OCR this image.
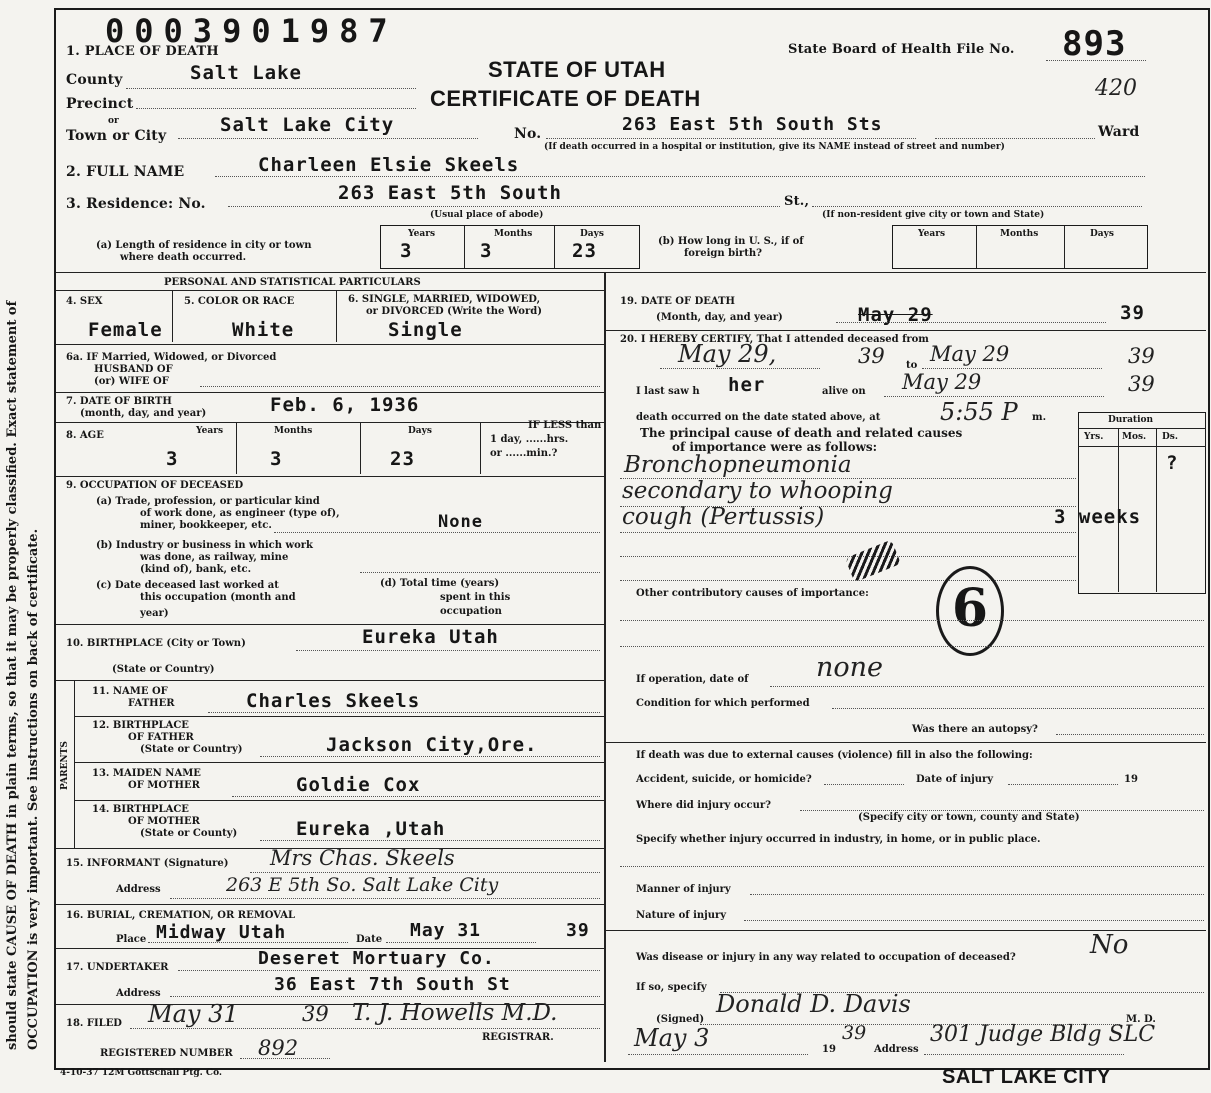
should state CAUSE OF DEATH in plain terms, so that it may be properly classified. Exact statement of OCCUPATION is very important. See instructions on back of certificate.
0003901987
1. PLACE OF DEATH	State Board of Health File No. 893
420
STATE OF UTAH
CERTIFICATE OF DEATH
County	Salt Lake
Precinct
or
Town or City	Salt Lake City	No.	263 East 5th South Sts	Ward
(If death occurred in a hospital or institution, give its NAME instead of street and number)
2. FULL NAME	Charleen Elsie Skeels
3. Residence: No.	263 East 5th South	St.,
(Usual place of abode)	(If non-resident give city or town and State)
(a) Length of residence in city or town
where death occurred.
Years	Months	Days
3	3	23	(b) How long in U. S., if of
foreign birth?
Years	Months	Days
PERSONAL AND STATISTICAL PARTICULARS
4. SEX
Female
5. COLOR OR RACE
White
6. SINGLE, MARRIED, WIDOWED,
or DIVORCED (Write the Word)
Single
6a. IF Married, Widowed, or Divorced
HUSBAND OF
(or) WIFE OF
7. DATE OF BIRTH
(month, day, and year)	Feb. 6, 1936
8. AGE	Years
3
Months
3
Days
23
IF LESS than
1 day, ......hrs.
or ......min.?
9. OCCUPATION OF DECEASED
(a) Trade, profession, or particular kind
of work done, as engineer (type of),
miner, bookkeeper, etc.	None
(b) Industry or business in which work
was done, as railway, mine
(kind of), bank, etc.
(c) Date deceased last worked at
this occupation (month and
year)
(d) Total time (years)
spent in this
occupation
10. BIRTHPLACE (City or Town)
(State or Country)
Eureka Utah
PARENTS
11. NAME OF
FATHER	Charles Skeels
12. BIRTHPLACE
OF FATHER
(State or Country)	Jackson City,Ore.
13. MAIDEN NAME
OF MOTHER	Goldie Cox
14. BIRTHPLACE
OF MOTHER
(State or County)	Eureka ,Utah
15. INFORMANT (Signature) Mrs Chas. Skeels
Address	263 E 5th So. Salt Lake City
16. BURIAL, CREMATION, OR REMOVAL
Place Midway Utah	Date May 31	39
17. UNDERTAKER	Deseret Mortuary Co.
Address	36 East 7th South St
18. FILED May 31	39 T. J. Howells M.D.
REGISTRAR.
REGISTERED NUMBER 892
19. DATE OF DEATH
(Month, day, and year)	May 29	39
20. I HEREBY CERTIFY, That I attended deceased from
May 29,	39 to May 29	39
I last saw h her	alive on May 29	39
death occurred on the date stated above, at 5:55 P m.
The principal cause of death and related causes
of importance were as follows:
Duration
Yrs. Mos. Ds.
Bronchopneumonia
secondary to whooping
cough (Pertussis)
?
3 weeks
Other contributory causes of importance: 6
If operation, date of	none
Condition for which performed
Was there an autopsy?
If death was due to external causes (violence) fill in also the following:
Accident, suicide, or homicide?	Date of injury	19
Where did injury occur?
(Specify city or town, county and State)
Specify whether injury occurred in industry, in home, or in public place.
Manner of injury
Nature of injury
Was disease or injury in any way related to occupation of deceased?	No
If so, specify
(Signed)
Donald D. Davis
M. D.
May 3	19
39
Address
301 Judge Bldg SLC
4-10-37 12M Gottschall Ptg. Co.	SALT LAKE CITY
